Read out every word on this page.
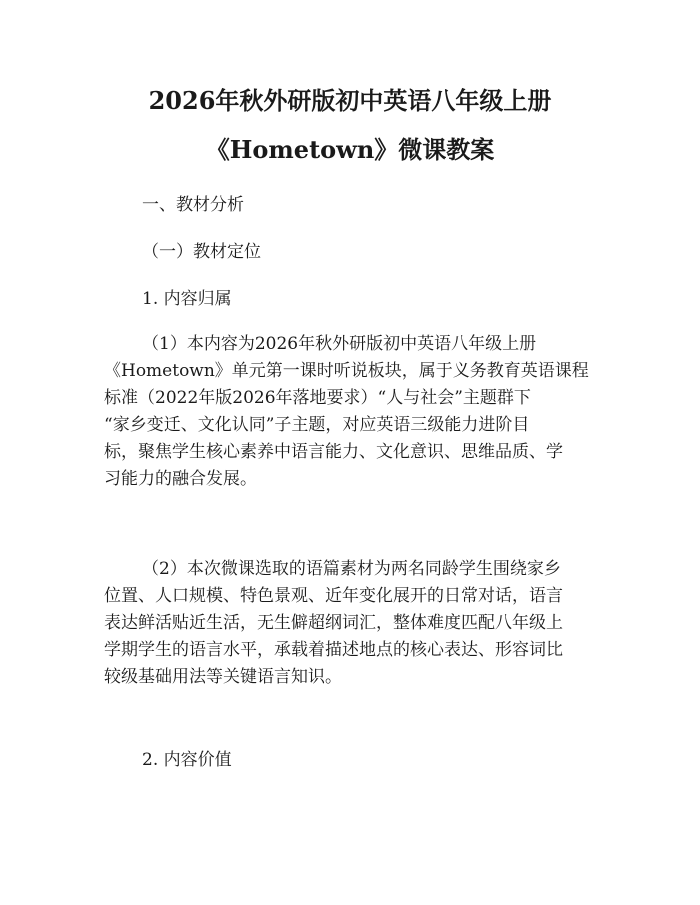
2026年秋外研版初中英语八年级上册
《Hometown》微课教案
一、教材分析
（一）教材定位
1. 内容归属
（1）本内容为2026年秋外研版初中英语八年级上册
《Hometown》单元第一课时听说板块，属于义务教育英语课程
标准（2022年版2026年落地要求）“人与社会”主题群下
“家乡变迁、文化认同”子主题，对应英语三级能力进阶目
标，聚焦学生核心素养中语言能力、文化意识、思维品质、学
习能力的融合发展。
（2）本次微课选取的语篇素材为两名同龄学生围绕家乡
位置、人口规模、特色景观、近年变化展开的日常对话，语言
表达鲜活贴近生活，无生僻超纲词汇，整体难度匹配八年级上
学期学生的语言水平，承载着描述地点的核心表达、形容词比
较级基础用法等关键语言知识。
2. 内容价值
